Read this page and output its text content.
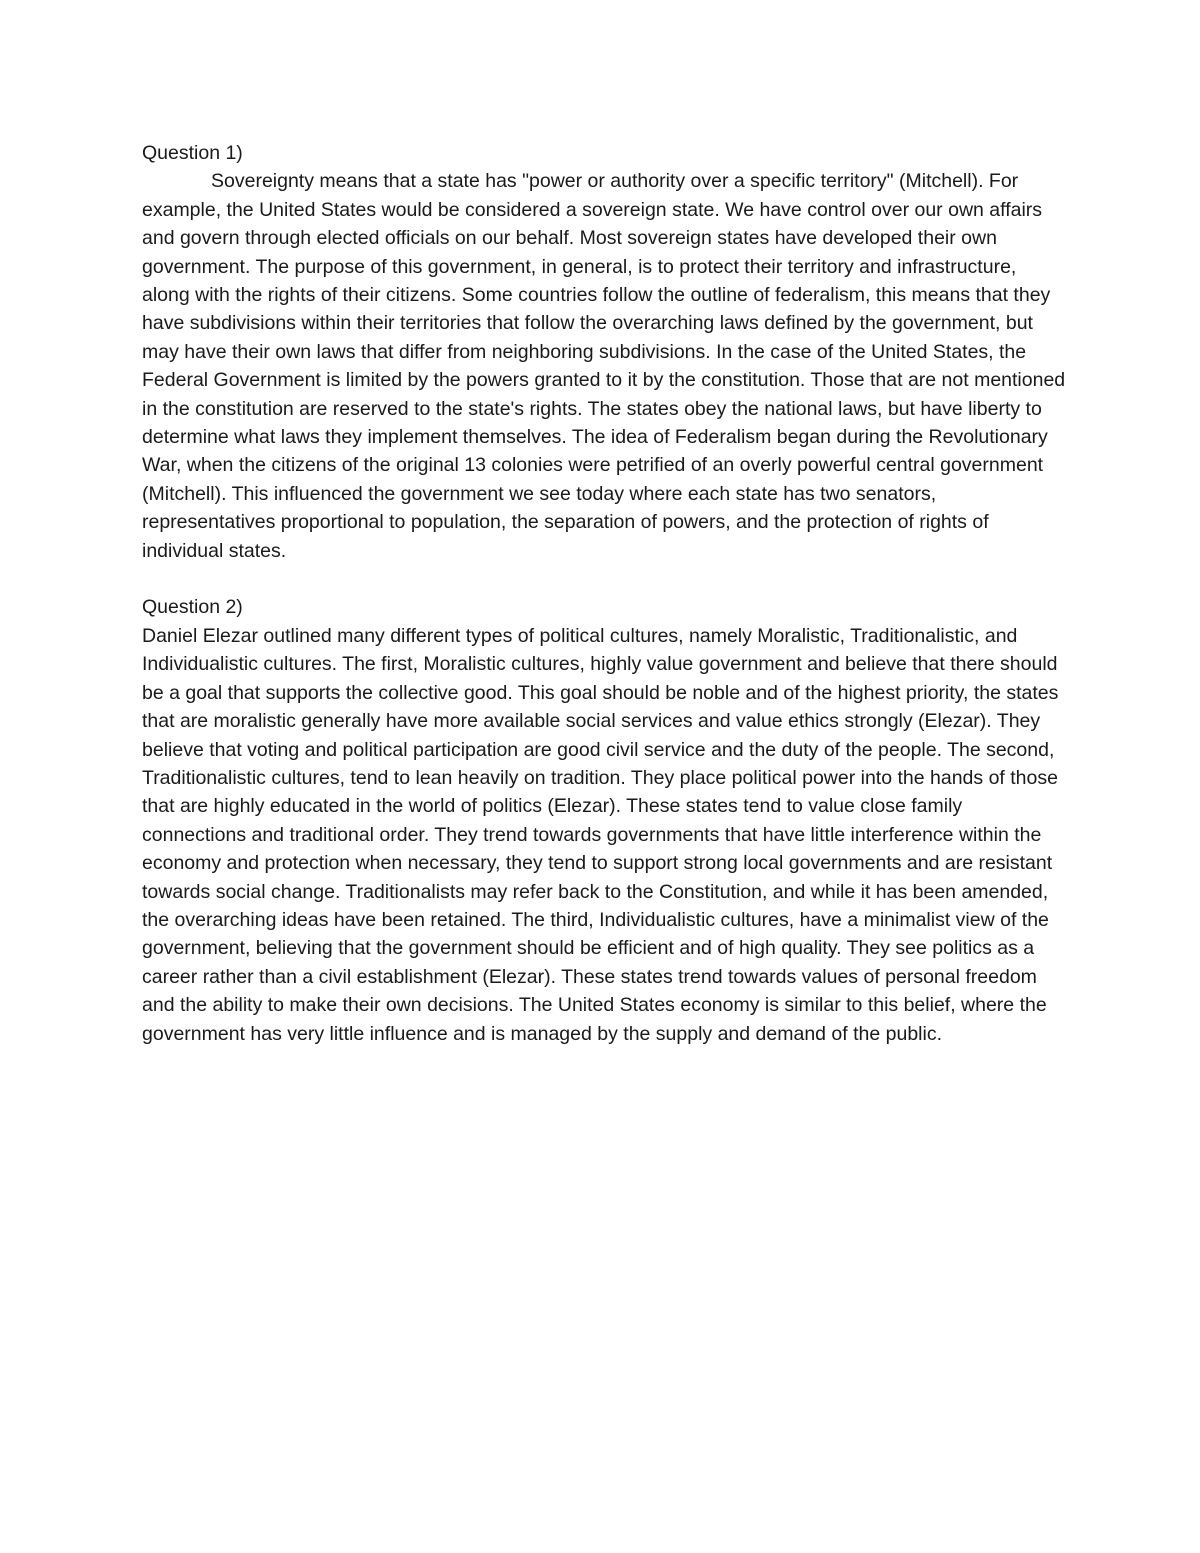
Question 1)

Sovereignty means that a state has "power or authority over a specific territory" (Mitchell). For example, the United States would be considered a sovereign state. We have control over our own affairs and govern through elected officials on our behalf. Most sovereign states have developed their own government. The purpose of this government, in general, is to protect their territory and infrastructure, along with the rights of their citizens. Some countries follow the outline of federalism, this means that they have subdivisions within their territories that follow the overarching laws defined by the government, but may have their own laws that differ from neighboring subdivisions. In the case of the United States, the Federal Government is limited by the powers granted to it by the constitution. Those that are not mentioned in the constitution are reserved to the state's rights. The states obey the national laws, but have liberty to determine what laws they implement themselves. The idea of Federalism began during the Revolutionary War, when the citizens of the original 13 colonies were petrified of an overly powerful central government (Mitchell). This influenced the government we see today where each state has two senators, representatives proportional to population, the separation of powers, and the protection of rights of individual states.

Question 2)

Daniel Elezar outlined many different types of political cultures, namely Moralistic, Traditionalistic, and Individualistic cultures. The first, Moralistic cultures, highly value government and believe that there should be a goal that supports the collective good. This goal should be noble and of the highest priority, the states that are moralistic generally have more available social services and value ethics strongly (Elezar). They believe that voting and political participation are good civil service and the duty of the people. The second, Traditionalistic cultures, tend to lean heavily on tradition. They place political power into the hands of those that are highly educated in the world of politics (Elezar). These states tend to value close family connections and traditional order. They trend towards governments that have little interference within the economy and protection when necessary, they tend to support strong local governments and are resistant towards social change. Traditionalists may refer back to the Constitution, and while it has been amended, the overarching ideas have been retained. The third, Individualistic cultures, have a minimalist view of the government, believing that the government should be efficient and of high quality. They see politics as a career rather than a civil establishment (Elezar). These states trend towards values of personal freedom and the ability to make their own decisions. The United States economy is similar to this belief, where the government has very little influence and is managed by the supply and demand of the public.
